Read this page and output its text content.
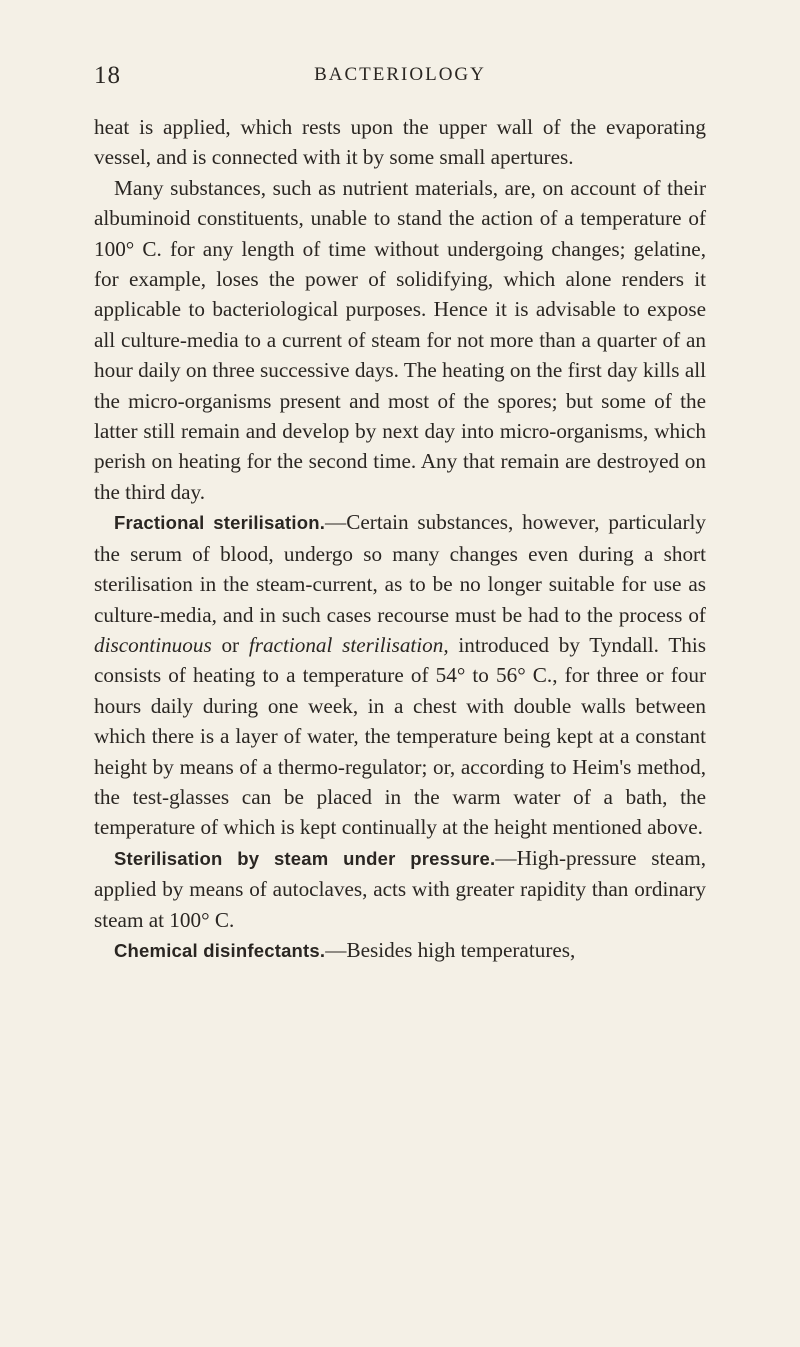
18	BACTERIOLOGY

heat is applied, which rests upon the upper wall of the evaporating vessel, and is connected with it by some small apertures.

Many substances, such as nutrient materials, are, on account of their albuminoid constituents, unable to stand the action of a temperature of 100° C. for any length of time without undergoing changes; gelatine, for example, loses the power of solidifying, which alone renders it applicable to bacteriological purposes. Hence it is advisable to expose all culture-media to a current of steam for not more than a quarter of an hour daily on three successive days. The heating on the first day kills all the micro-organisms present and most of the spores; but some of the latter still remain and develop by next day into micro-organisms, which perish on heating for the second time. Any that remain are destroyed on the third day.

Fractional sterilisation.—Certain substances, however, particularly the serum of blood, undergo so many changes even during a short sterilisation in the steam-current, as to be no longer suitable for use as culture-media, and in such cases recourse must be had to the process of discontinuous or fractional sterilisation, introduced by Tyndall. This consists of heating to a temperature of 54° to 56° C., for three or four hours daily during one week, in a chest with double walls between which there is a layer of water, the temperature being kept at a constant height by means of a thermo-regulator; or, according to Heim's method, the test-glasses can be placed in the warm water of a bath, the temperature of which is kept continually at the height mentioned above.

Sterilisation by steam under pressure.—High-pressure steam, applied by means of autoclaves, acts with greater rapidity than ordinary steam at 100° C.

Chemical disinfectants.—Besides high temperatures,
